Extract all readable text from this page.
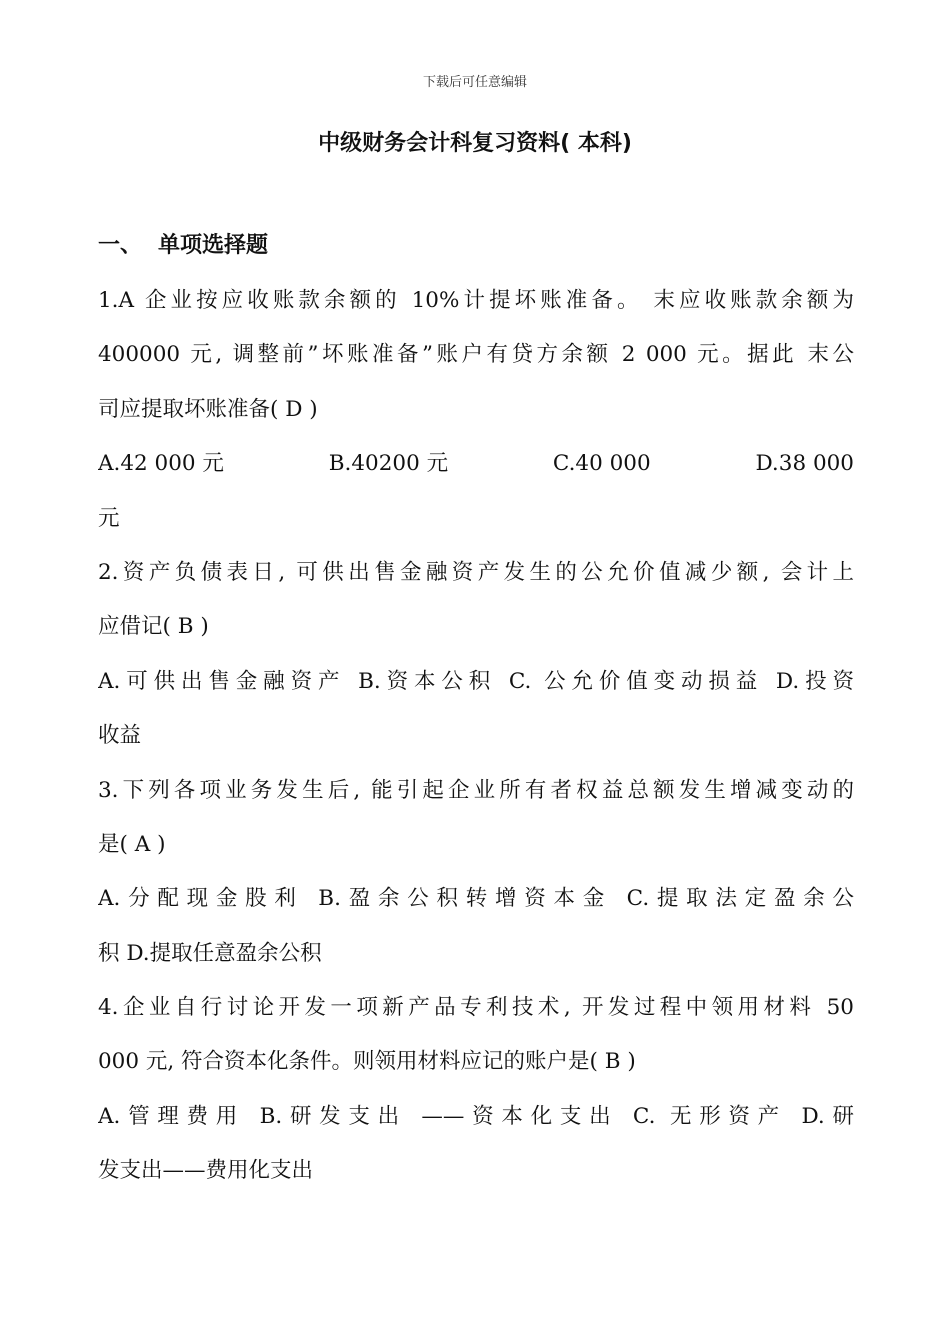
下载后可任意编辑
中级财务会计科复习资料( 本科)
一、 单项选择题
1.A 企业按应收账款余额的 10%计提坏账准备。 末应收账款余额为
400000 元, 调整前”坏账准备”账户有贷方余额 2 000 元。据此 末公
司应提取坏账准备( D )
A.42 000 元	B.40200 元	C.40 000	D.38 000
元
2.资产负债表日, 可供出售金融资产发生的公允价值减少额, 会计上
应借记( B )
A.可供出售金融资产 B.资本公积 C. 公允价值变动损益 D.投资
收益
3.下列各项业务发生后, 能引起企业所有者权益总额发生增减变动的
是( A )
A.分配现金股利 B.盈余公积转增资本金 C.提取法定盈余公
积 D.提取任意盈余公积
4.企业自行讨论开发一项新产品专利技术, 开发过程中领用材料 50
000 元, 符合资本化条件。则领用材料应记的账户是( B )
A.管理费用 B.研发支出 ——资本化支出 C. 无形资产 D.研
发支出——费用化支出
